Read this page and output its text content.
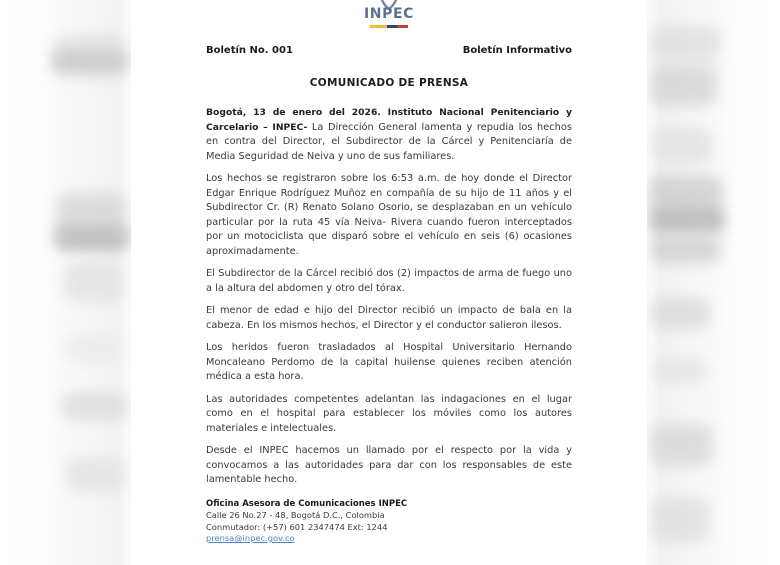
INPEC
Boletín No. 001	Boletín Informativo
COMUNICADO DE PRENSA

Bogotá, 13 de enero del 2026. Instituto Nacional Penitenciario y Carcelario – INPEC- La Dirección General lamenta y repudia los hechos en contra del Director, el Subdirector de la Cárcel y Penitenciaría de Media Seguridad de Neiva y uno de sus familiares.

Los hechos se registraron sobre los 6:53 a.m. de hoy donde el Director Edgar Enrique Rodríguez Muñoz en compañía de su hijo de 11 años y el Subdirector Cr. (R) Renato Solano Osorio, se desplazaban en un vehículo particular por la ruta 45 vía Neiva- Rivera cuando fueron interceptados por un motociclista que disparó sobre el vehículo en seis (6) ocasiones aproximadamente.

El Subdirector de la Cárcel recibió dos (2) impactos de arma de fuego uno a la altura del abdomen y otro del tórax.

El menor de edad e hijo del Director recibió un impacto de bala en la cabeza. En los mismos hechos, el Director y el conductor salieron ilesos.

Los heridos fueron trasladados al Hospital Universitario Hernando Moncaleano Perdomo de la capital huilense quienes reciben atención médica a esta hora.

Las autoridades competentes adelantan las indagaciones en el lugar como en el hospital para establecer los móviles como los autores materiales e intelectuales.

Desde el INPEC hacemos un llamado por el respecto por la vida y convocamos a las autoridades para dar con los responsables de este lamentable hecho.

Oficina Asesora de Comunicaciones INPEC
Calle 26 No.27 - 48, Bogotá D.C., Colombia
Conmutador: (+57) 601 2347474 Ext: 1244
prensa@inpec.gov.co
